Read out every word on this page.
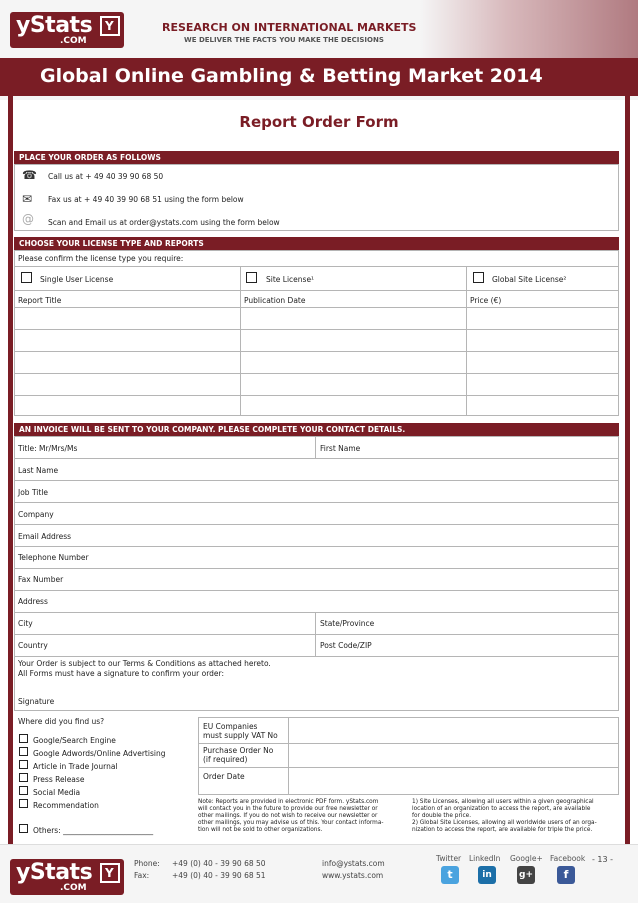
yStats
.COM
Y	RESEARCH ON INTERNATIONAL MARKETS
WE DELIVER THE FACTS YOU MAKE THE DECISIONS
Global Online Gambling & Betting Market 2014
Report Order Form
PLACE YOUR ORDER AS FOLLOWS
☎ Call us at + 49 40 39 90 68 50
✉	Fax us at + 49 40 39 90 68 51 using the form below
@ Scan and Email us at order@ystats.com using the form below
CHOOSE YOUR LICENSE TYPE AND REPORTS
Please confirm the license type you require:
Single User License	Site License¹	Global Site License²
Report Title	Publication Date	Price (€)
AN INVOICE WILL BE SENT TO YOUR COMPANY. PLEASE COMPLETE YOUR CONTACT DETAILS.
Title: Mr/Mrs/Ms	First Name
Last Name
Job Title
Company
Email Address
Telephone Number
Fax Number
Address
City	State/Province
Country	Post Code/ZIP
Your Order is subject to our Terms & Conditions as attached hereto.
All Forms must have a signature to confirm your order:
Signature
Where did you find us?
Google/Search Engine
Google Adwords/Online Advertising
Article in Trade Journal
Press Release
Social Media
Recommendation
Others: ________________________
EU Companies
must supply VAT No
Purchase Order No
(if required)
Order Date
Note: Reports are provided in electronic PDF form. yStats.com
will contact you in the future to provide our free newsletter or
other mailings. If you do not wish to receive our newsletter or
other mailings, you may advise us of this. Your contact informa-
tion will not be sold to other organizations.
1) Site Licenses, allowing all users within a given geographical
location of an organization to access the report, are available
for double the price.
2) Global Site Licenses, allowing all worldwide users of an orga-
nization to access the report, are available for triple the price.
yStats
.COM
Y
Phone: +49 (0) 40 - 39 90 68 50
Fax:	+49 (0) 40 - 39 90 68 51
info@ystats.com
www.ystats.com
Twitter LinkedIn Google+ Facebook - 13 -
t	in	g+	f
